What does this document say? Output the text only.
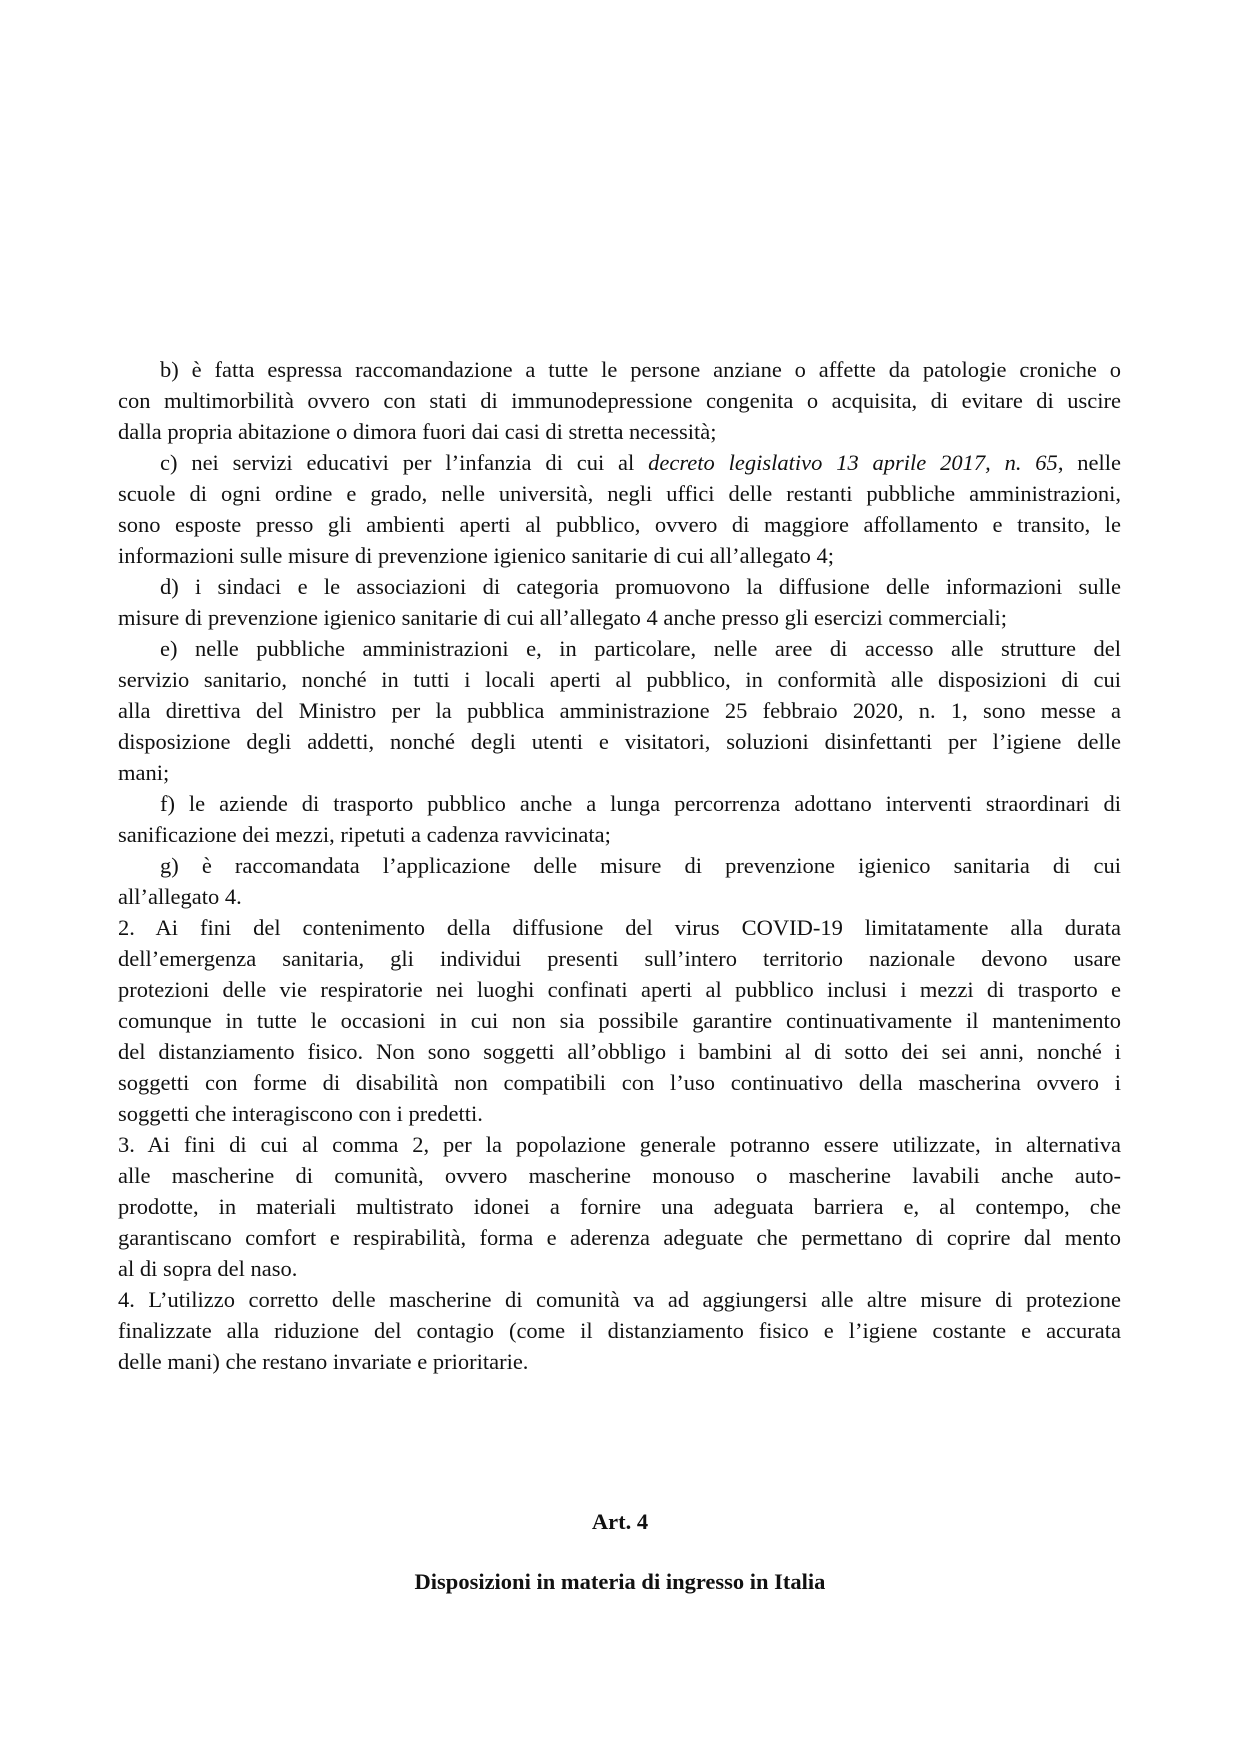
b) è fatta espressa raccomandazione a tutte le persone anziane o affette da patologie croniche o
con multimorbilità ovvero con stati di immunodepressione congenita o acquisita, di evitare di uscire
dalla propria abitazione o dimora fuori dai casi di stretta necessità;
c) nei servizi educativi per l’infanzia di cui al decreto legislativo 13 aprile 2017, n. 65, nelle
scuole di ogni ordine e grado, nelle università, negli uffici delle restanti pubbliche amministrazioni,
sono esposte presso gli ambienti aperti al pubblico, ovvero di maggiore affollamento e transito, le
informazioni sulle misure di prevenzione igienico sanitarie di cui all’allegato 4;
d) i sindaci e le associazioni di categoria promuovono la diffusione delle informazioni sulle
misure di prevenzione igienico sanitarie di cui all’allegato 4 anche presso gli esercizi commerciali;
e) nelle pubbliche amministrazioni e, in particolare, nelle aree di accesso alle strutture del
servizio sanitario, nonché in tutti i locali aperti al pubblico, in conformità alle disposizioni di cui
alla direttiva del Ministro per la pubblica amministrazione 25 febbraio 2020, n. 1, sono messe a
disposizione degli addetti, nonché degli utenti e visitatori, soluzioni disinfettanti per l’igiene delle
mani;
f) le aziende di trasporto pubblico anche a lunga percorrenza adottano interventi straordinari di
sanificazione dei mezzi, ripetuti a cadenza ravvicinata;
g) è raccomandata l’applicazione delle misure di prevenzione igienico sanitaria di cui
all’allegato 4.
2. Ai fini del contenimento della diffusione del virus COVID-19 limitatamente alla durata
dell’emergenza sanitaria, gli individui presenti sull’intero territorio nazionale devono usare
protezioni delle vie respiratorie nei luoghi confinati aperti al pubblico inclusi i mezzi di trasporto e
comunque in tutte le occasioni in cui non sia possibile garantire continuativamente il mantenimento
del distanziamento fisico. Non sono soggetti all’obbligo i bambini al di sotto dei sei anni, nonché i
soggetti con forme di disabilità non compatibili con l’uso continuativo della mascherina ovvero i
soggetti che interagiscono con i predetti.
3. Ai fini di cui al comma 2, per la popolazione generale potranno essere utilizzate, in alternativa
alle mascherine di comunità, ovvero mascherine monouso o mascherine lavabili anche auto-
prodotte, in materiali multistrato idonei a fornire una adeguata barriera e, al contempo, che
garantiscano comfort e respirabilità, forma e aderenza adeguate che permettano di coprire dal mento
al di sopra del naso.
4. L’utilizzo corretto delle mascherine di comunità va ad aggiungersi alle altre misure di protezione
finalizzate alla riduzione del contagio (come il distanziamento fisico e l’igiene costante e accurata
delle mani) che restano invariate e prioritarie.
Art. 4
Disposizioni in materia di ingresso in Italia
